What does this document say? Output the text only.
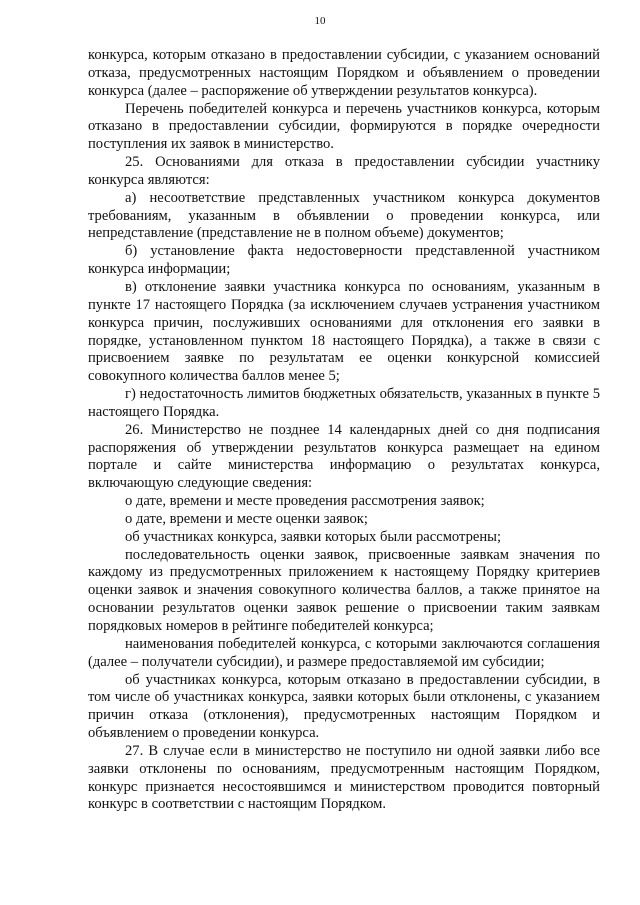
10

конкурса, которым отказано в предоставлении субсидии, с указанием оснований отказа, предусмотренных настоящим Порядком и объявлением о проведении конкурса (далее – распоряжение об утверждении результатов конкурса).

Перечень победителей конкурса и перечень участников конкурса, которым отказано в предоставлении субсидии, формируются в порядке очередности поступления их заявок в министерство.

25. Основаниями для отказа в предоставлении субсидии участнику конкурса являются:

а) несоответствие представленных участником конкурса документов требованиям, указанным в объявлении о проведении конкурса, или непредставление (представление не в полном объеме) документов;

б) установление факта недостоверности представленной участником конкурса информации;

в) отклонение заявки участника конкурса по основаниям, указанным в пункте 17 настоящего Порядка (за исключением случаев устранения участником конкурса причин, послуживших основаниями для отклонения его заявки в порядке, установленном пунктом 18 настоящего Порядка), а также в связи с присвоением заявке по результатам ее оценки конкурсной комиссией совокупного количества баллов менее 5;

г) недостаточность лимитов бюджетных обязательств, указанных в пункте 5 настоящего Порядка.

26. Министерство не позднее 14 календарных дней со дня подписания распоряжения об утверждении результатов конкурса размещает на едином портале и сайте министерства информацию о результатах конкурса, включающую следующие сведения:

о дате, времени и месте проведения рассмотрения заявок;

о дате, времени и месте оценки заявок;

об участниках конкурса, заявки которых были рассмотрены;

последовательность оценки заявок, присвоенные заявкам значения по каждому из предусмотренных приложением к настоящему Порядку критериев оценки заявок и значения совокупного количества баллов, а также принятое на основании результатов оценки заявок решение о присвоении таким заявкам порядковых номеров в рейтинге победителей конкурса;

наименования победителей конкурса, с которыми заключаются соглашения (далее – получатели субсидии), и размере предоставляемой им субсидии;

об участниках конкурса, которым отказано в предоставлении субсидии, в том числе об участниках конкурса, заявки которых были отклонены, с указанием причин отказа (отклонения), предусмотренных настоящим Порядком и объявлением о проведении конкурса.

27. В случае если в министерство не поступило ни одной заявки либо все заявки отклонены по основаниям, предусмотренным настоящим Порядком, конкурс признается несостоявшимся и министерством проводится повторный конкурс в соответствии с настоящим Порядком.
